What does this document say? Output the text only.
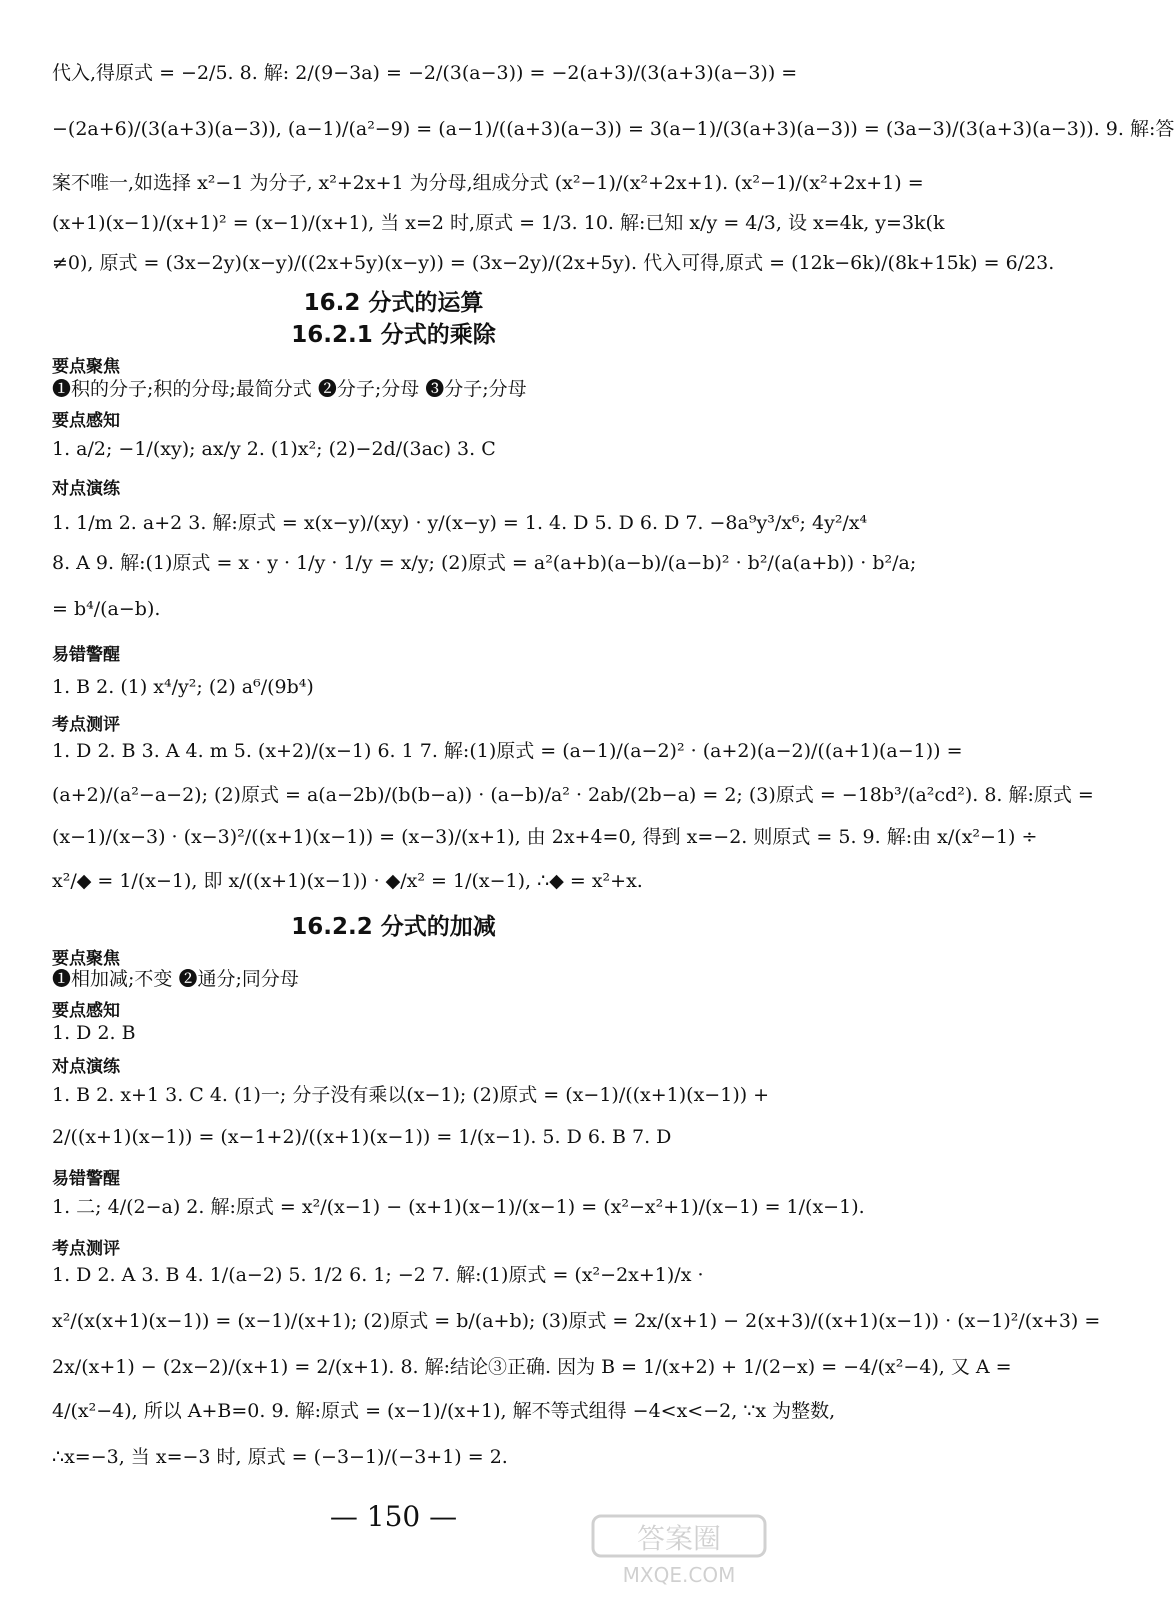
代入,得原式 = −2/5. 8. 解: 2/(9−3a) = −2/(3(a−3)) = −2(a+3)/(3(a+3)(a−3)) =
−(2a+6)/(3(a+3)(a−3)), (a−1)/(a²−9) = (a−1)/((a+3)(a−3)) = 3(a−1)/(3(a+3)(a−3)) = (3a−3)/(3(a+3)(a−3)). 9. 解:答
案不唯一,如选择 x²−1 为分子, x²+2x+1 为分母,组成分式 (x²−1)/(x²+2x+1). (x²−1)/(x²+2x+1) =
(x+1)(x−1)/(x+1)² = (x−1)/(x+1), 当 x=2 时,原式 = 1/3. 10. 解:已知 x/y = 4/3, 设 x=4k, y=3k(k
≠0), 原式 = (3x−2y)(x−y)/((2x+5y)(x−y)) = (3x−2y)/(2x+5y). 代入可得,原式 = (12k−6k)/(8k+15k) = 6/23.
16.2 分式的运算
16.2.1 分式的乘除
要点聚焦
❶积的分子;积的分母;最简分式 ❷分子;分母 ❸分子;分母
要点感知
1. a/2; −1/(xy); ax/y 2. (1)x²; (2)−2d/(3ac) 3. C
对点演练
1. 1/m 2. a+2 3. 解:原式 = x(x−y)/(xy) · y/(x−y) = 1. 4. D 5. D 6. D 7. −8a⁹y³/x⁶; 4y²/x⁴
8. A 9. 解:(1)原式 = x · y · 1/y · 1/y = x/y; (2)原式 = a²(a+b)(a−b)/(a−b)² · b²/(a(a+b)) · b²/a;
= b⁴/(a−b).
易错警醒
1. B 2. (1) x⁴/y²; (2) a⁶/(9b⁴)
考点测评
1. D 2. B 3. A 4. m 5. (x+2)/(x−1) 6. 1 7. 解:(1)原式 = (a−1)/(a−2)² · (a+2)(a−2)/((a+1)(a−1)) =
(a+2)/(a²−a−2); (2)原式 = a(a−2b)/(b(b−a)) · (a−b)/a² · 2ab/(2b−a) = 2; (3)原式 = −18b³/(a²cd²). 8. 解:原式 =
(x−1)/(x−3) · (x−3)²/((x+1)(x−1)) = (x−3)/(x+1), 由 2x+4=0, 得到 x=−2. 则原式 = 5. 9. 解:由 x/(x²−1) ÷
x²/◆ = 1/(x−1), 即 x/((x+1)(x−1)) · ◆/x² = 1/(x−1), ∴◆ = x²+x.
16.2.2 分式的加减
要点聚焦
❶相加减;不变 ❷通分;同分母
要点感知
1. D 2. B
对点演练
1. B 2. x+1 3. C 4. (1)一; 分子没有乘以(x−1); (2)原式 = (x−1)/((x+1)(x−1)) +
2/((x+1)(x−1)) = (x−1+2)/((x+1)(x−1)) = 1/(x−1). 5. D 6. B 7. D
易错警醒
1. 二; 4/(2−a) 2. 解:原式 = x²/(x−1) − (x+1)(x−1)/(x−1) = (x²−x²+1)/(x−1) = 1/(x−1).
考点测评
1. D 2. A 3. B 4. 1/(a−2) 5. 1/2 6. 1; −2 7. 解:(1)原式 = (x²−2x+1)/x ·
x²/(x(x+1)(x−1)) = (x−1)/(x+1); (2)原式 = b/(a+b); (3)原式 = 2x/(x+1) − 2(x+3)/((x+1)(x−1)) · (x−1)²/(x+3) =
2x/(x+1) − (2x−2)/(x+1) = 2/(x+1). 8. 解:结论③正确. 因为 B = 1/(x+2) + 1/(2−x) = −4/(x²−4), 又 A =
4/(x²−4), 所以 A+B=0. 9. 解:原式 = (x−1)/(x+1), 解不等式组得 −4<x<−2, ∵x 为整数,
∴x=−3, 当 x=−3 时, 原式 = (−3−1)/(−3+1) = 2.
— 150 —
答案圈
MXQE.COM
